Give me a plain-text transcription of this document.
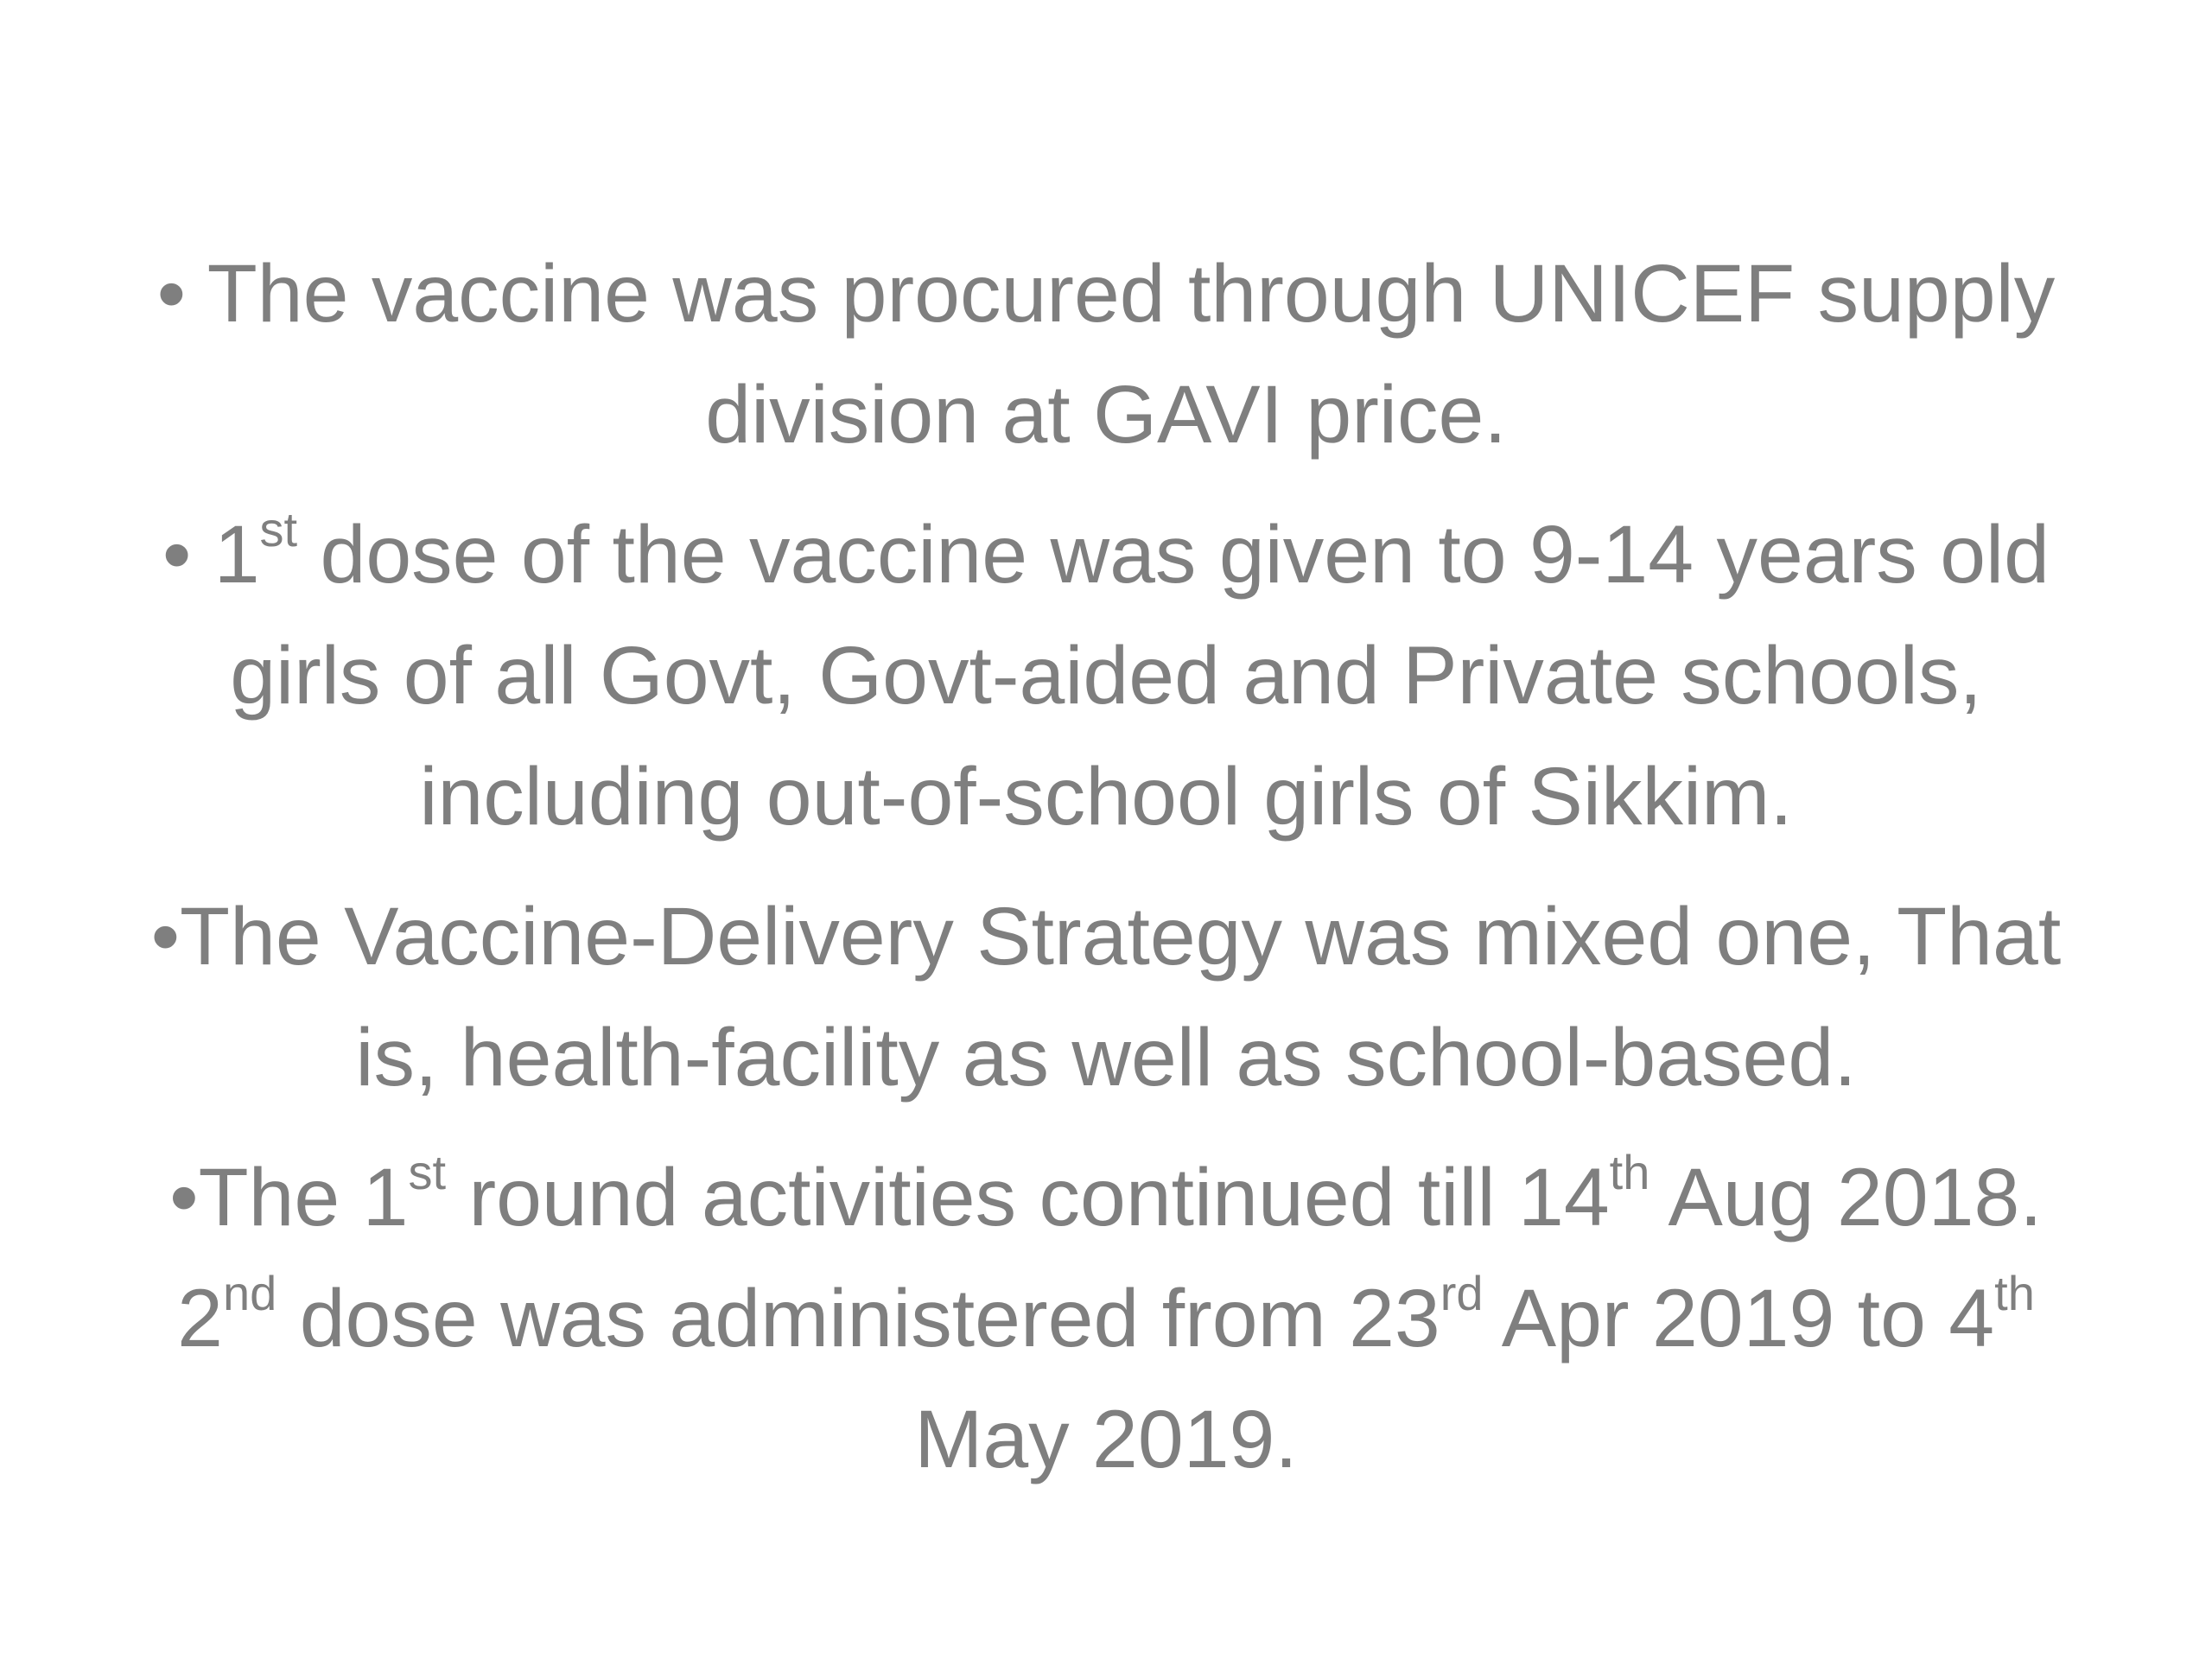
• The vaccine was procured through UNICEF supply division at GAVI price.

• 1st dose of the vaccine was given to 9-14 years old girls of all Govt, Govt-aided and Private schools, including out-of-school girls of Sikkim.

•The Vaccine-Delivery Strategy was mixed one, That is, health-facility as well as school-based.

•The 1st round activities continued till 14th Aug 2018. 2nd dose was administered from 23rd Apr 2019 to 4th May 2019.
